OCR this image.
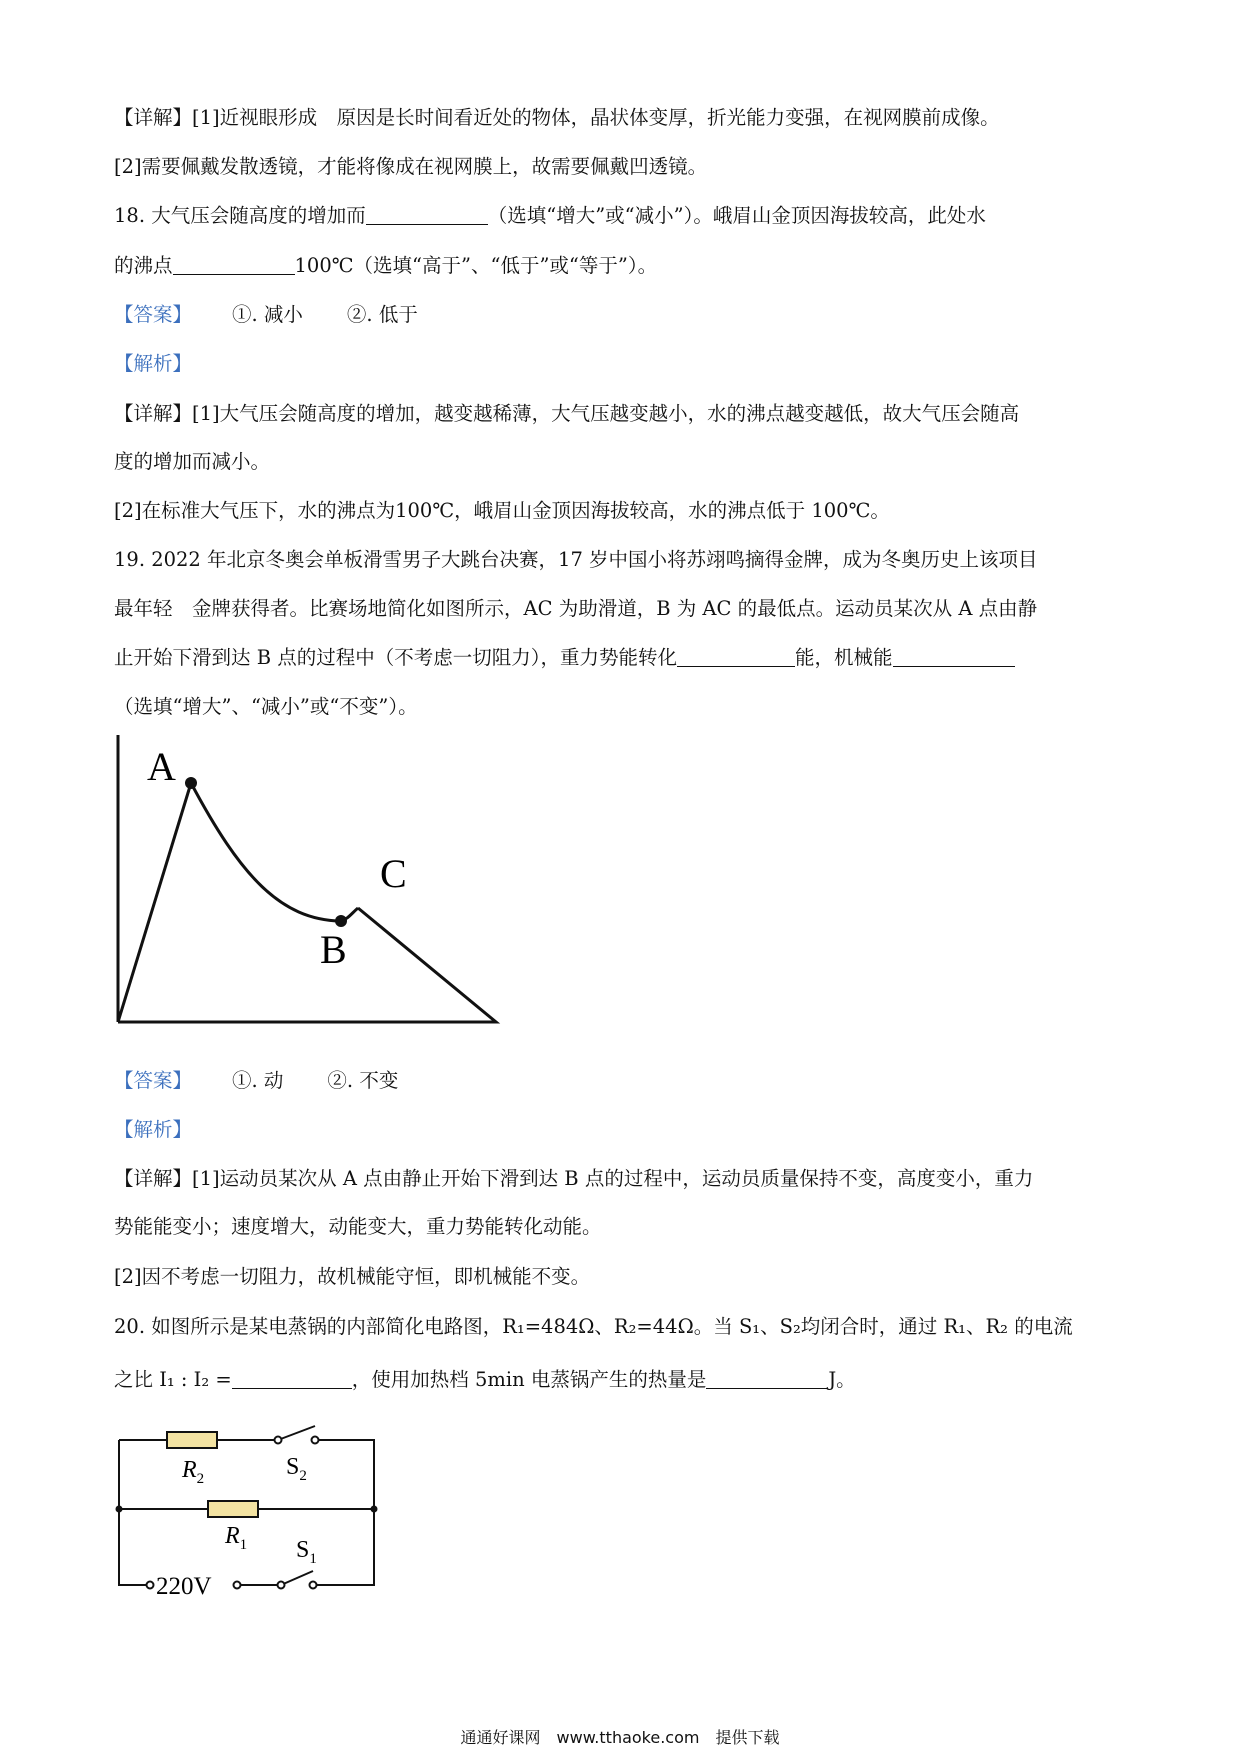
【详解】[1]近视眼形成　原因是长时间看近处的物体，晶状体变厚，折光能力变强，在视网膜前成像。
[2]需要佩戴发散透镜，才能将像成在视网膜上，故需要佩戴凹透镜。
18. 大气压会随高度的增加而	（选填“增大”或“减小”）。峨眉山金顶因海拔较高，此处水
的沸点	100℃（选填“高于”、“低于”或“等于”）。
【答案】 ①. 减小 ②. 低于
【解析】
【详解】[1]大气压会随高度的增加，越变越稀薄，大气压越变越小，水的沸点越变越低，故大气压会随高
度的增加而减小。
[2]在标准大气压下，水的沸点为100℃，峨眉山金顶因海拔较高，水的沸点低于 100℃。
19. 2022 年北京冬奥会单板滑雪男子大跳台决赛，17 岁中国小将苏翊鸣摘得金牌，成为冬奥历史上该项目
最年轻　金牌获得者。比赛场地简化如图所示，AC 为助滑道，B 为 AC 的最低点。运动员某次从 A 点由静
止开始下滑到达 B 点的过程中（不考虑一切阻力），重力势能转化	能，机械能
（选填“增大”、“减小”或“不变”）。
A
B
C
【答案】 ①. 动 ②. 不变
【解析】
【详解】[1]运动员某次从 A 点由静止开始下滑到达 B 点的过程中，运动员质量保持不变，高度变小，重力
势能能变小；速度增大，动能变大，重力势能转化动能。
[2]因不考虑一切阻力，故机械能守恒，即机械能不变。
20. 如图所示是某电蒸锅的内部简化电路图，R₁=484Ω、R₂=44Ω。当 S₁、S₂均闭合时，通过 R₁、R₂ 的电流
之比 I₁ : I₂ =	，使用加热档 5min 电蒸锅产生的热量是	J。
$R_2$	$S_2$
$R_1$ $S_1$
220V
通通好课网　www.tthaoke.com　提供下载
